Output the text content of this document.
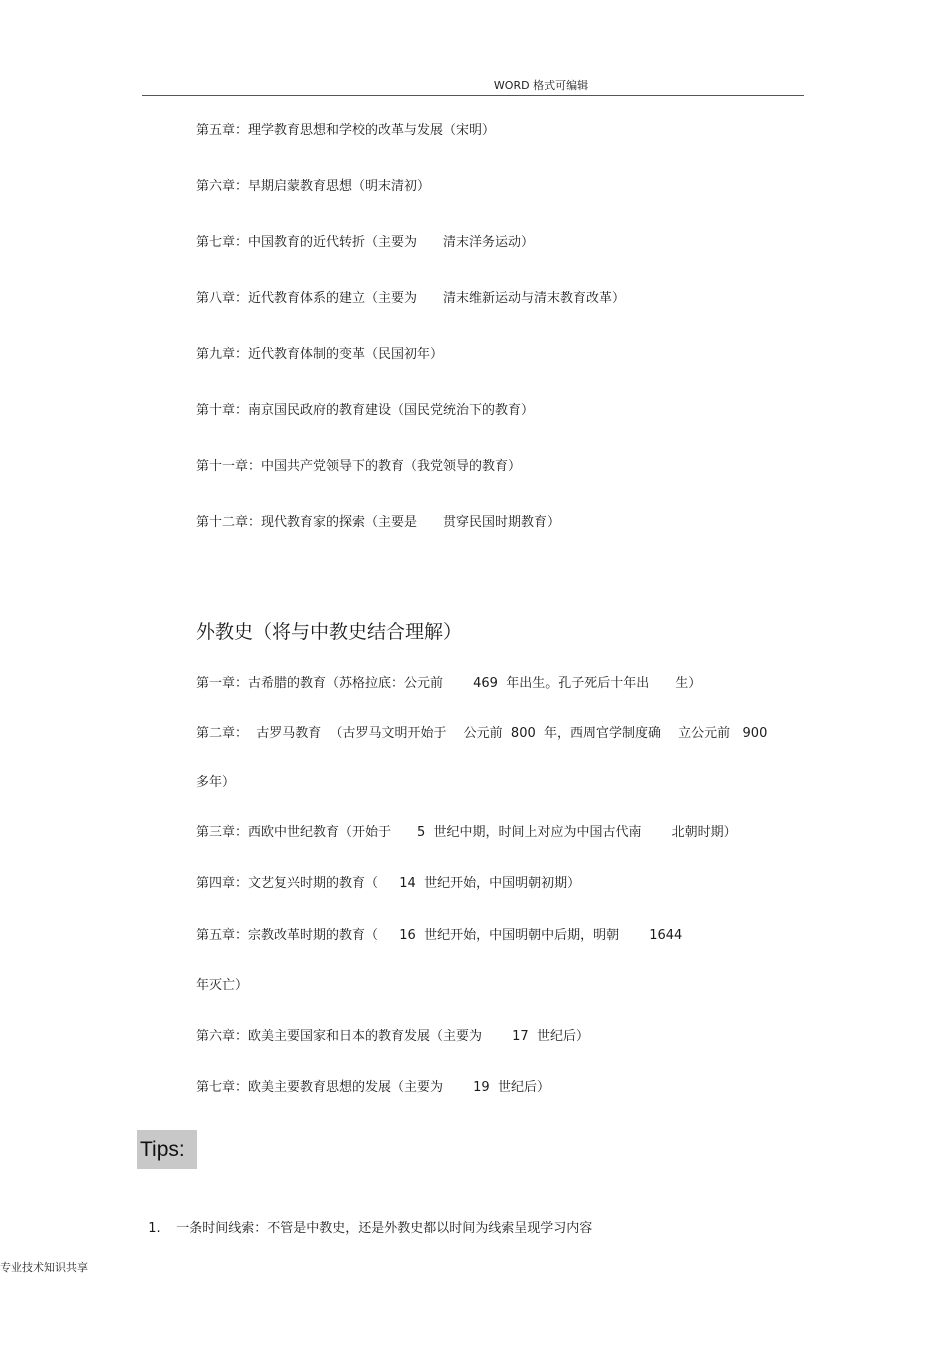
WORD 格式可编辑
第五章：理学教育思想和学校的改革与发展（宋明）
第六章：早期启蒙教育思想（明末清初）
第七章：中国教育的近代转折（主要为　　清末洋务运动）
第八章：近代教育体系的建立（主要为　　清末维新运动与清末教育改革）
第九章：近代教育体制的变革（民国初年）
第十章：南京国民政府的教育建设（国民党统治下的教育）
第十一章：中国共产党领导下的教育（我党领导的教育）
第十二章：现代教育家的探索（主要是　　贯穿民国时期教育）
外教史（将与中教史结合理解）
第一章：古希腊的教育（苏格拉底：公元前　　 469  年出生。孔子死后十年出　　生）
第二章：  古罗马教育  （古罗马文明开始于　 公元前  800  年，西周官学制度确　 立公元前   900
多年）
第三章：西欧中世纪教育（开始于　　5  世纪中期，时间上对应为中国古代南　　 北朝时期）
第四章：文艺复兴时期的教育（　  14  世纪开始，中国明朝初期）
第五章：宗教改革时期的教育（　  16  世纪开始，中国明朝中后期，明朝　　 1644
年灭亡）
第六章：欧美主要国家和日本的教育发展（主要为　　 17  世纪后）
第七章：欧美主要教育思想的发展（主要为　　 19  世纪后）
Tips:

1. 一条时间线索：不管是中教史，还是外教史都以时间为线索呈现学习内容

专业技术知识共享
